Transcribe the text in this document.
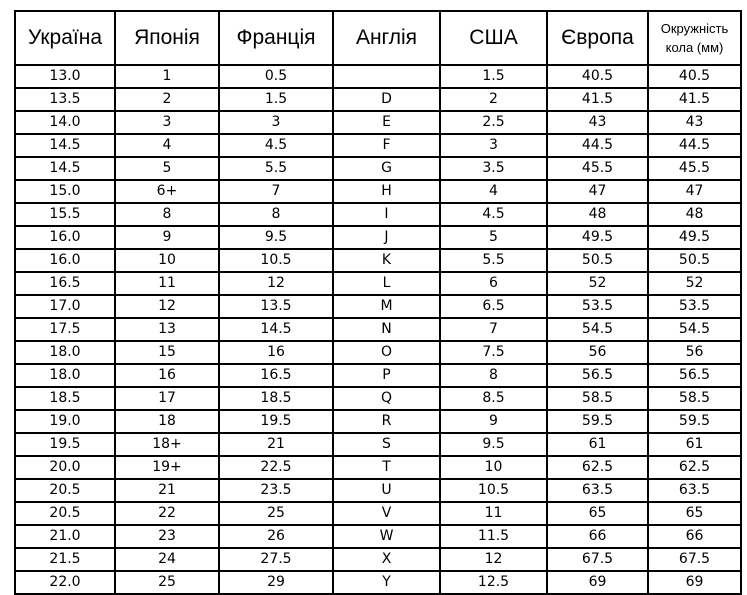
Україна	Японія	Франція	Англія	США	Європа	Окружність кола (мм)
13.0	1	0.5		1.5	40.5	40.5
13.5	2	1.5	D	2	41.5	41.5
14.0	3	3	E	2.5	43	43
14.5	4	4.5	F	3	44.5	44.5
14.5	5	5.5	G	3.5	45.5	45.5
15.0	6+	7	H	4	47	47
15.5	8	8	I	4.5	48	48
16.0	9	9.5	J	5	49.5	49.5
16.0	10	10.5	K	5.5	50.5	50.5
16.5	11	12	L	6	52	52
17.0	12	13.5	M	6.5	53.5	53.5
17.5	13	14.5	N	7	54.5	54.5
18.0	15	16	O	7.5	56	56
18.0	16	16.5	P	8	56.5	56.5
18.5	17	18.5	Q	8.5	58.5	58.5
19.0	18	19.5	R	9	59.5	59.5
19.5	18+	21	S	9.5	61	61
20.0	19+	22.5	T	10	62.5	62.5
20.5	21	23.5	U	10.5	63.5	63.5
20.5	22	25	V	11	65	65
21.0	23	26	W	11.5	66	66
21.5	24	27.5	X	12	67.5	67.5
22.0	25	29	Y	12.5	69	69
